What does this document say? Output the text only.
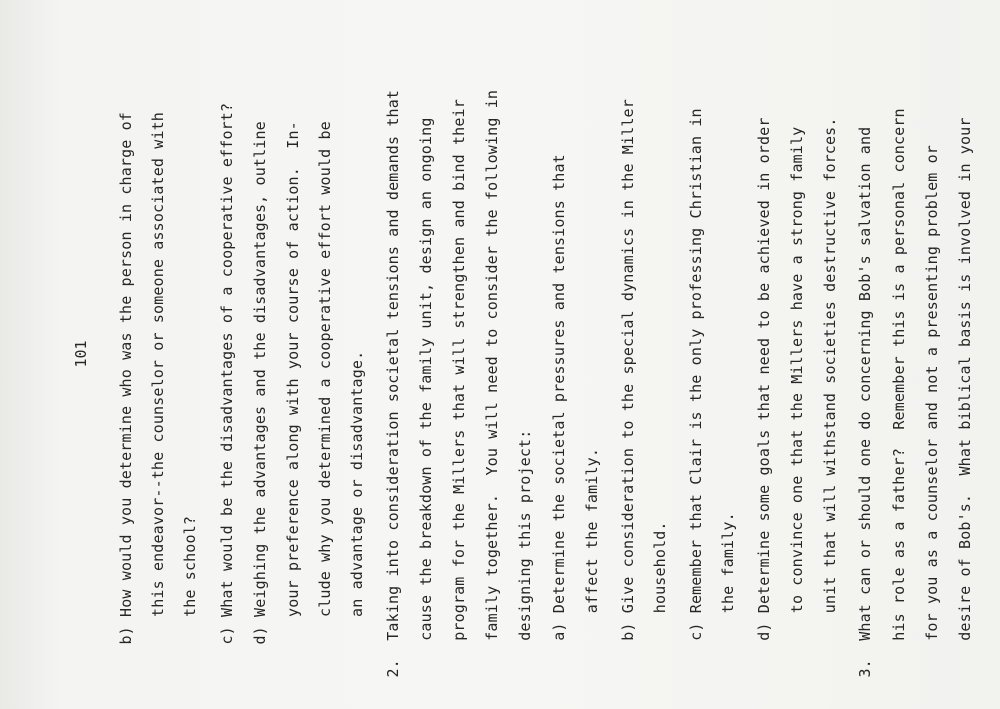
101 b) How would you determine who was the person in charge of this endeavor--the counselor or someone associated with the school? c) What would be the disadvantages of a cooperative effort? d) Weighing the advantages and the disadvantages, outline your preference along with your course of action.  In- clude why you determined a cooperative effort would be an advantage or disadvantage. 2.  Taking into consideration societal tensions and demands that cause the breakdown of the family unit, design an ongoing program for the Millers that will strengthen and bind their family together.  You will need to consider the following in designing this project: a) Determine the societal pressures and tensions that affect the family. b) Give consideration to the special dynamics in the Miller household. c) Remember that Clair is the only professing Christian in the family. d) Determine some goals that need to be achieved in order to convince one that the Millers have a strong family unit that will withstand societies destructive forces. 3.  What can or should one do concerning Bob's salvation and his role as a father?  Remember this is a personal concern for you as a counselor and not a presenting problem or desire of Bob's.  What biblical basis is involved in your
